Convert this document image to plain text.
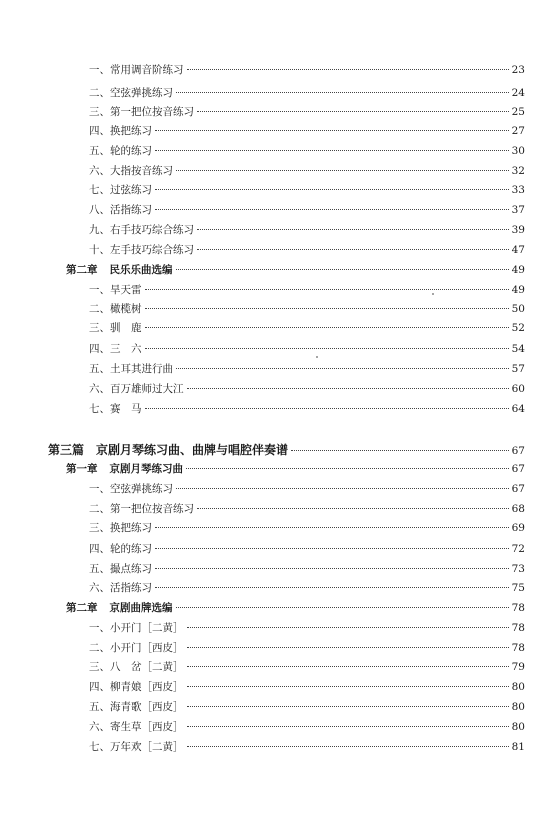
一、 常用调音阶练习	23
二、 空弦弹挑练习	24
三、 第一把位按音练习	25
四、 换把练习	27
五、 轮的练习	30
六、 大指按音练习	32
七、 过弦练习	33
八、 活指练习	37
九、 右手技巧综合练习	39
十、 左手技巧综合练习	47
第二章 民乐乐曲选编	49
一、 旱天雷	49
二、 橄榄树	50
三、 驯　鹿	52
四、 三　六	54
五、 土耳其进行曲	57
六、 百万雄师过大江	60
七、 赛　马	64
第三篇 京剧月琴练习曲、曲牌与唱腔伴奏谱	67
第一章 京剧月琴练习曲	67
一、 空弦弹挑练习	67
二、 第一把位按音练习	68
三、 换把练习	69
四、 轮的练习	72
五、 撮点练习	73
六、 活指练习	75
第二章 京剧曲牌选编	78
一、 小开门［二黄］	78
二、 小开门［西皮］	78
三、 八　岔［二黄］	79
四、 柳青娘［西皮］	80
五、 海青歌［西皮］	80
六、 寄生草［西皮］	80
七、 万年欢［二黄］	81
